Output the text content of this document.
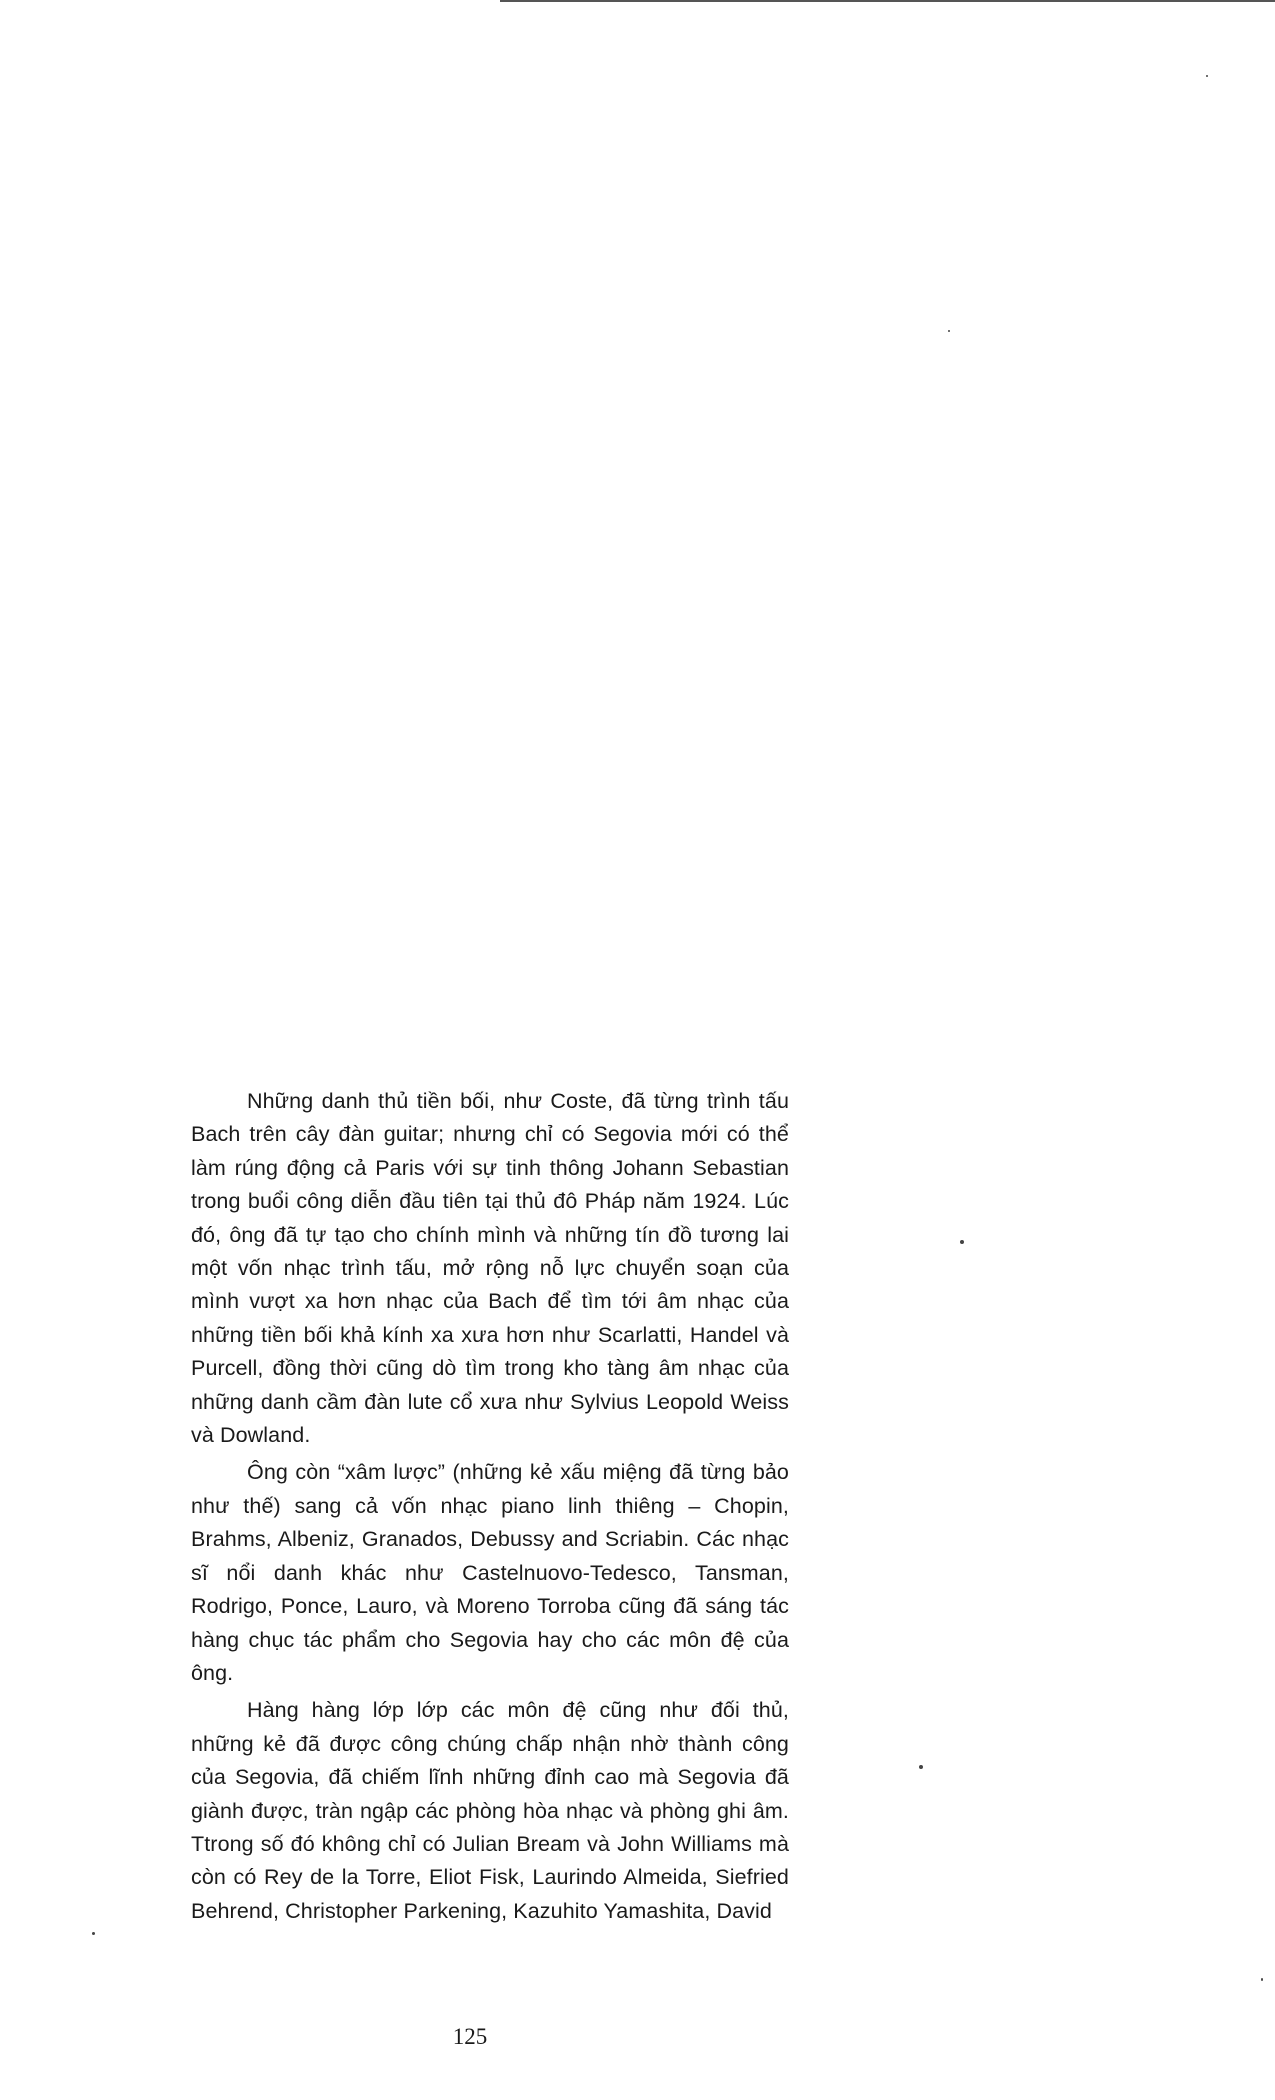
Những danh thủ tiền bối, như Coste, đã từng trình tấu Bach trên cây đàn guitar; nhưng chỉ có Segovia mới có thể làm rúng động cả Paris với sự tinh thông Johann Sebastian trong buổi công diễn đầu tiên tại thủ đô Pháp năm 1924. Lúc đó, ông đã tự tạo cho chính mình và những tín đồ tương lai một vốn nhạc trình tấu, mở rộng nỗ lực chuyển soạn của mình vượt xa hơn nhạc của Bach để tìm tới âm nhạc của những tiền bối khả kính xa xưa hơn như Scarlatti, Handel và Purcell, đồng thời cũng dò tìm trong kho tàng âm nhạc của những danh cầm đàn lute cổ xưa như Sylvius Leopold Weiss và Dowland.

Ông còn “xâm lược” (những kẻ xấu miệng đã từng bảo như thế) sang cả vốn nhạc piano linh thiêng – Chopin, Brahms, Albeniz, Granados, Debussy and Scriabin. Các nhạc sĩ nổi danh khác như Castelnuovo-Tedesco, Tansman, Rodrigo, Ponce, Lauro, và Moreno Torroba cũng đã sáng tác hàng chục tác phẩm cho Segovia hay cho các môn đệ của ông.

Hàng hàng lớp lớp các môn đệ cũng như đối thủ, những kẻ đã được công chúng chấp nhận nhờ thành công của Segovia, đã chiếm lĩnh những đỉnh cao mà Segovia đã giành được, tràn ngập các phòng hòa nhạc và phòng ghi âm. Ttrong số đó không chỉ có Julian Bream và John Williams mà còn có Rey de la Torre, Eliot Fisk, Laurindo Almeida, Siefried Behrend, Christopher Parkening, Kazuhito Yamashita, David

125
